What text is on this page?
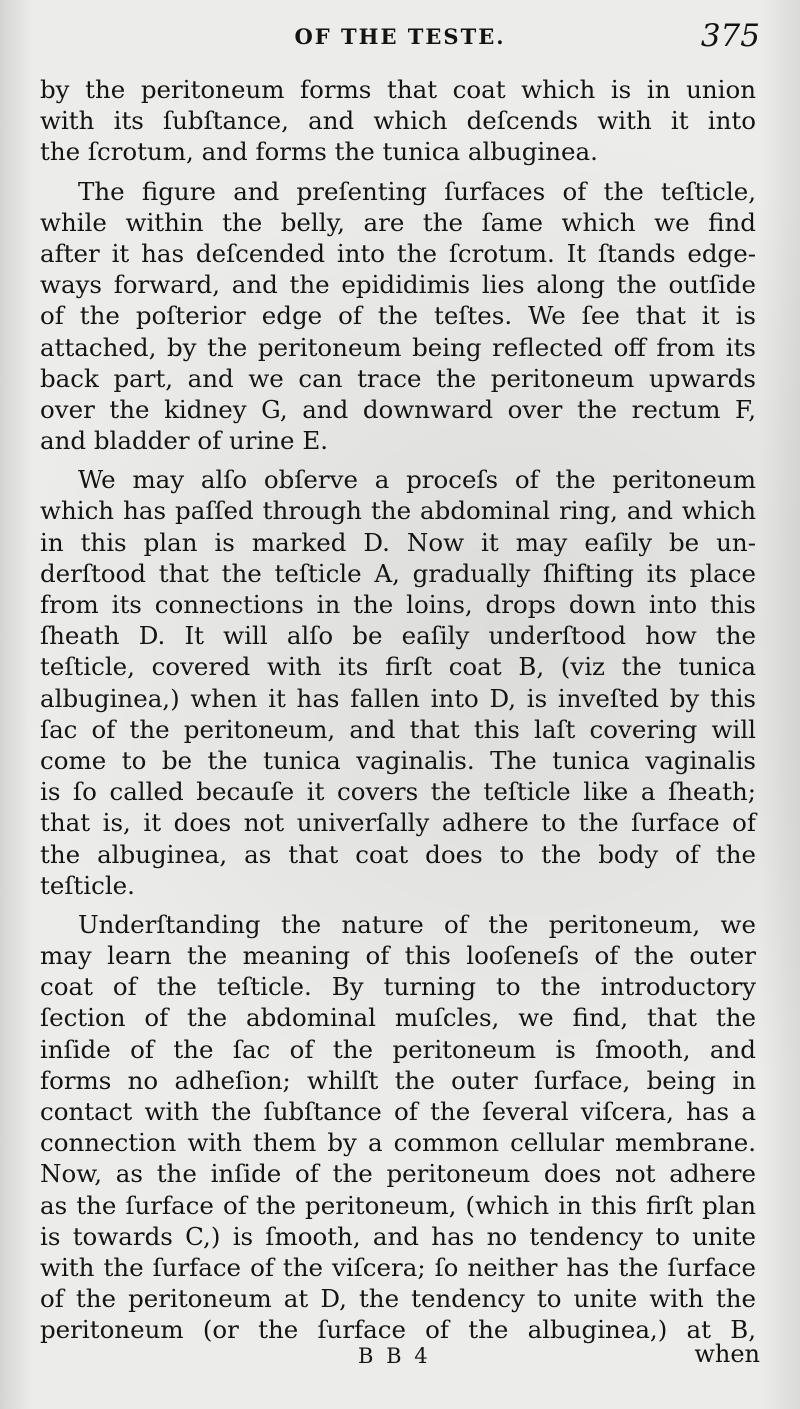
OF THE TESTE.	375
by the peritoneum forms that coat which is in union
with its ſubſtance, and which deſcends with it into
the ſcrotum, and forms the tunica albuginea.
The figure and preſenting ſurfaces of the teſticle,
while within the belly, are the ſame which we find
after it has deſcended into the ſcrotum. It ſtands edge-
ways forward, and the epididimis lies along the outſide
of the poſterior edge of the teſtes. We ſee that it is
attached, by the peritoneum being reflected off from its
back part, and we can trace the peritoneum upwards
over the kidney G, and downward over the rectum F,
and bladder of urine E.
We may alſo obſerve a proceſs of the peritoneum
which has paſſed through the abdominal ring, and which
in this plan is marked D. Now it may eaſily be un-
derſtood that the teſticle A, gradually ſhifting its place
from its connections in the loins, drops down into this
ſheath D. It will alſo be eaſily underſtood how the
teſticle, covered with its firſt coat B, (viz the tunica
albuginea,) when it has fallen into D, is inveſted by this
ſac of the peritoneum, and that this laſt covering will
come to be the tunica vaginalis. The tunica vaginalis
is ſo called becauſe it covers the teſticle like a ſheath;
that is, it does not univerſally adhere to the ſurface of
the albuginea, as that coat does to the body of the
teſticle.
Underſtanding the nature of the peritoneum, we
may learn the meaning of this looſeneſs of the outer
coat of the teſticle. By turning to the introductory
ſection of the abdominal muſcles, we find, that the
inſide of the ſac of the peritoneum is ſmooth, and
forms no adheſion; whilſt the outer ſurface, being in
contact with the ſubſtance of the ſeveral viſcera, has a
connection with them by a common cellular membrane.
Now, as the inſide of the peritoneum does not adhere
as the ſurface of the peritoneum, (which in this firſt plan
is towards C,) is ſmooth, and has no tendency to unite
with the ſurface of the viſcera; ſo neither has the ſurface
of the peritoneum at D, the tendency to unite with the
peritoneum (or the ſurface of the albuginea,) at B,
B B 4	when
